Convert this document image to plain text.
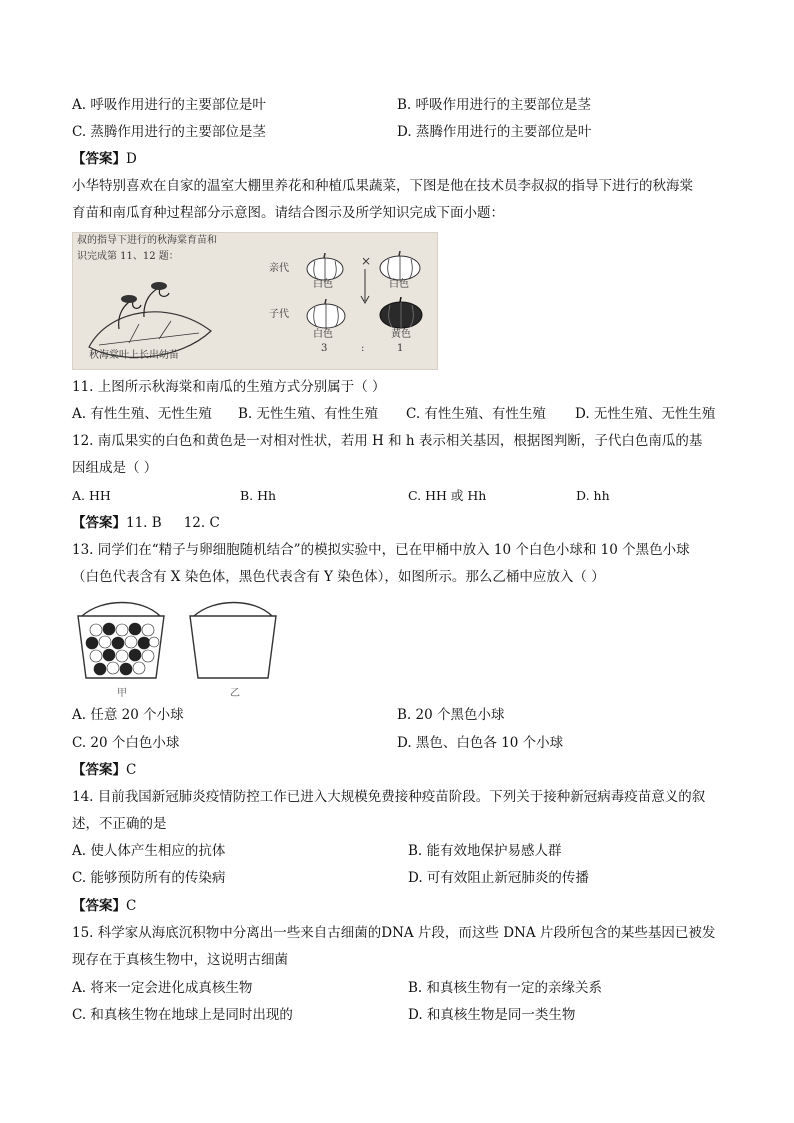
A. 呼吸作用进行的主要部位是叶	B. 呼吸作用进行的主要部位是茎
C. 蒸腾作用进行的主要部位是茎	D. 蒸腾作用进行的主要部位是叶
【答案】D
小华特别喜欢在自家的温室大棚里养花和种植瓜果蔬菜，下图是他在技术员李叔叔的指导下进行的秋海棠
育苗和南瓜育种过程部分示意图。请结合图示及所学知识完成下面小题：
叔的指导下进行的秋海棠育苗和
识完成第 11、12 题：
秋海棠叶上长出幼苗
亲代
子代
白色
×
白色
白色
3	:
黄色
1
11. 上图所示秋海棠和南瓜的生殖方式分别属于（ ）
A. 有性生殖、无性生殖 B. 无性生殖、有性生殖 C. 有性生殖、有性生殖 D. 无性生殖、无性生殖
12. 南瓜果实的白色和黄色是一对相对性状，若用 H 和 h 表示相关基因，根据图判断，子代白色南瓜的基
因组成是（ ）
A. HH	B. Hh	C. HH 或 Hh	D. hh
【答案】11. B 12. C
13. 同学们在“精子与卵细胞随机结合”的模拟实验中，已在甲桶中放入 10 个白色小球和 10 个黑色小球
（白色代表含有 X 染色体，黑色代表含有 Y 染色体），如图所示。那么乙桶中应放入（ ）
甲	乙
A. 任意 20 个小球	B. 20 个黑色小球
C. 20 个白色小球	D. 黑色、白色各 10 个小球
【答案】C
14. 目前我国新冠肺炎疫情防控工作已进入大规模免费接种疫苗阶段。下列关于接种新冠病毒疫苗意义的叙
述，不正确的是
A. 使人体产生相应的抗体	B. 能有效地保护易感人群
C. 能够预防所有的传染病	D. 可有效阻止新冠肺炎的传播
【答案】C
15. 科学家从海底沉积物中分离出一些来自古细菌的DNA 片段，而这些 DNA 片段所包含的某些基因已被发
现存在于真核生物中，这说明古细菌
A. 将来一定会进化成真核生物	B. 和真核生物有一定的亲缘关系
C. 和真核生物在地球上是同时出现的	D. 和真核生物是同一类生物
